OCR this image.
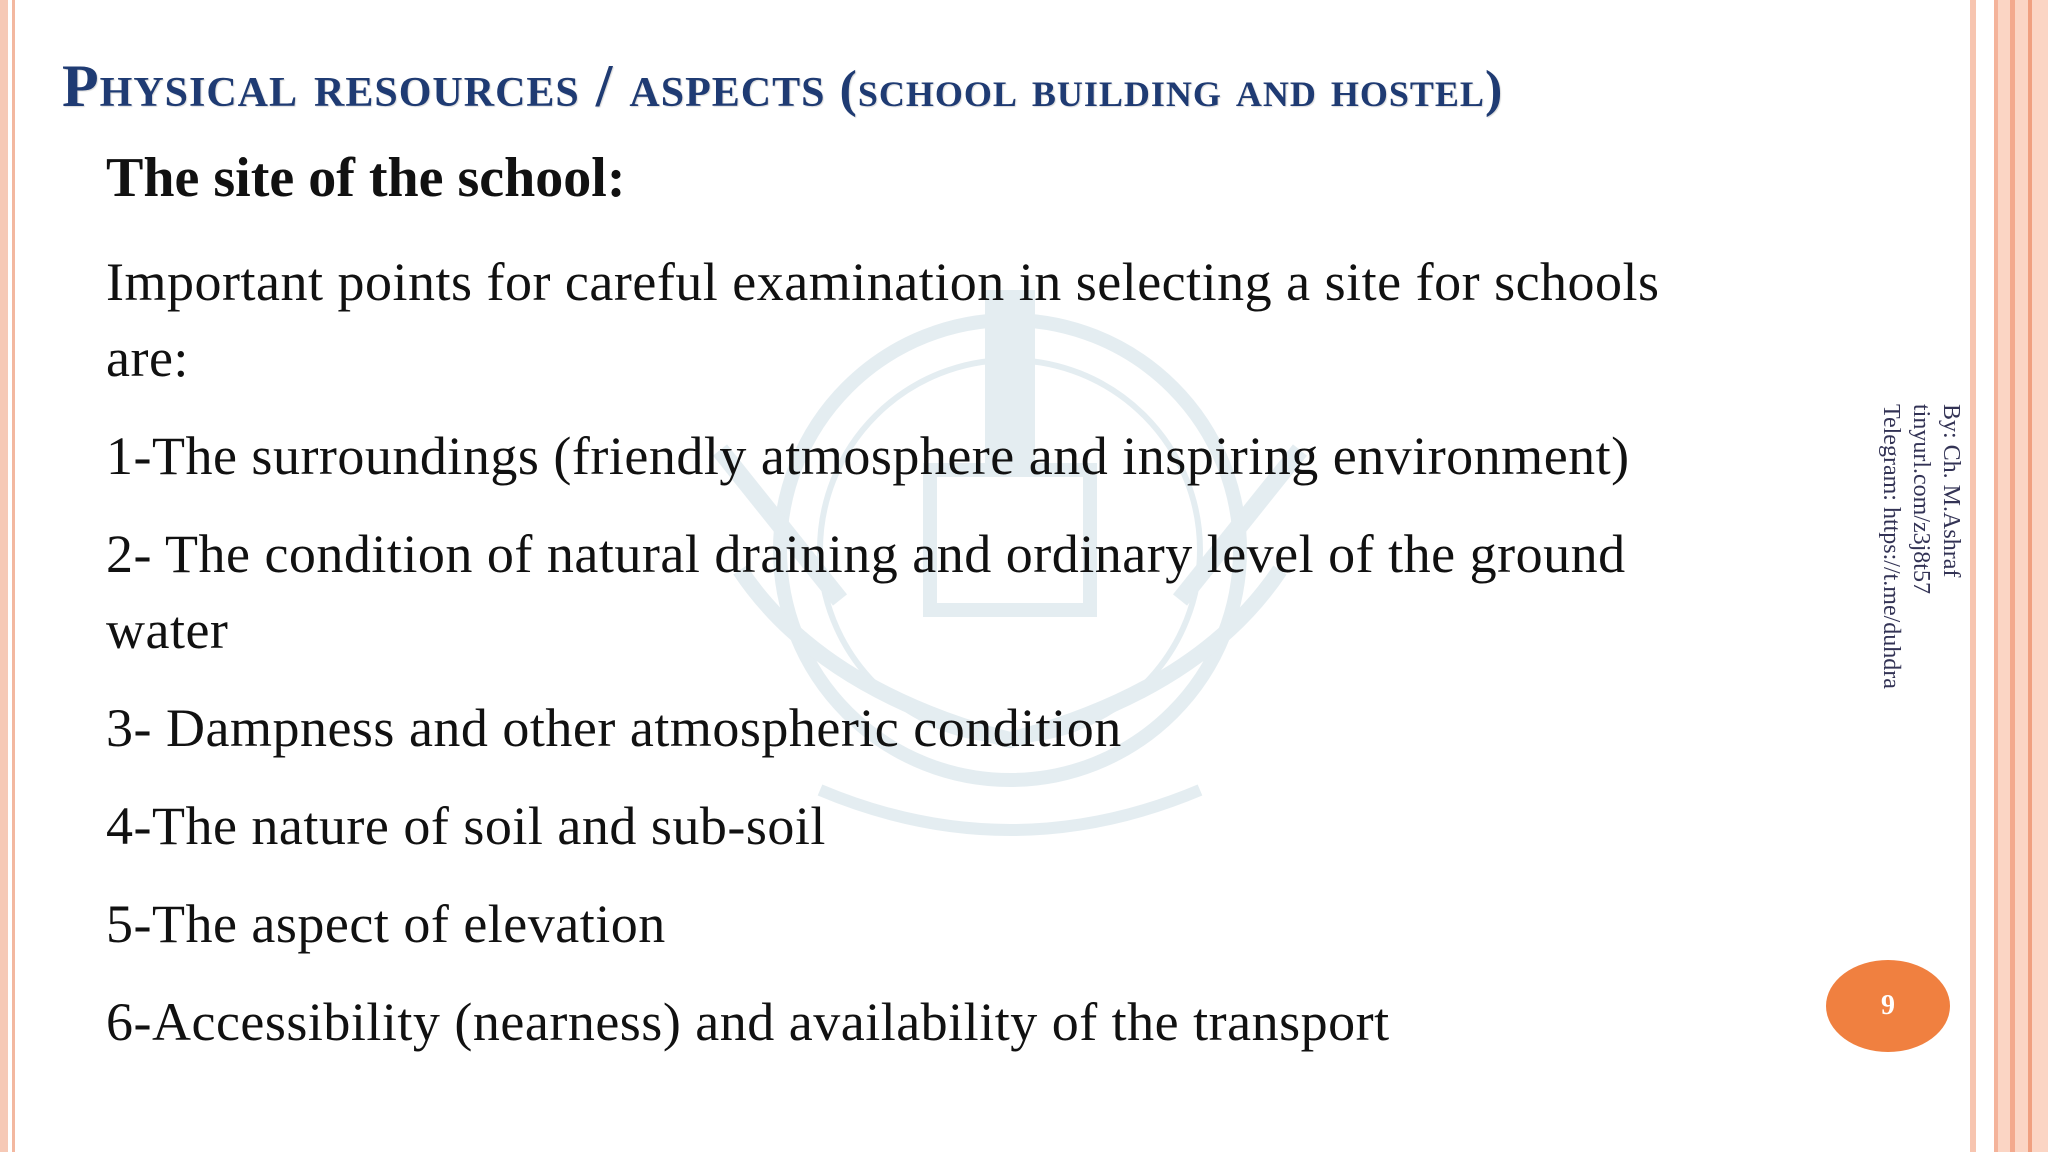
Physical resources / aspects (school building and hostel)
The site of the school:
Important points for careful examination in selecting a site for schools are:
1-The surroundings (friendly atmosphere and inspiring environment)
2- The condition of natural draining and ordinary level of the ground water
3- Dampness and other atmospheric condition
4-The nature of soil and sub-soil
5-The aspect of elevation
6-Accessibility (nearness) and availability of the transport
By: Ch. M.Ashraf
tinyurl.com/z3j8t57
Telegram: https://t.me/duhdra
9
